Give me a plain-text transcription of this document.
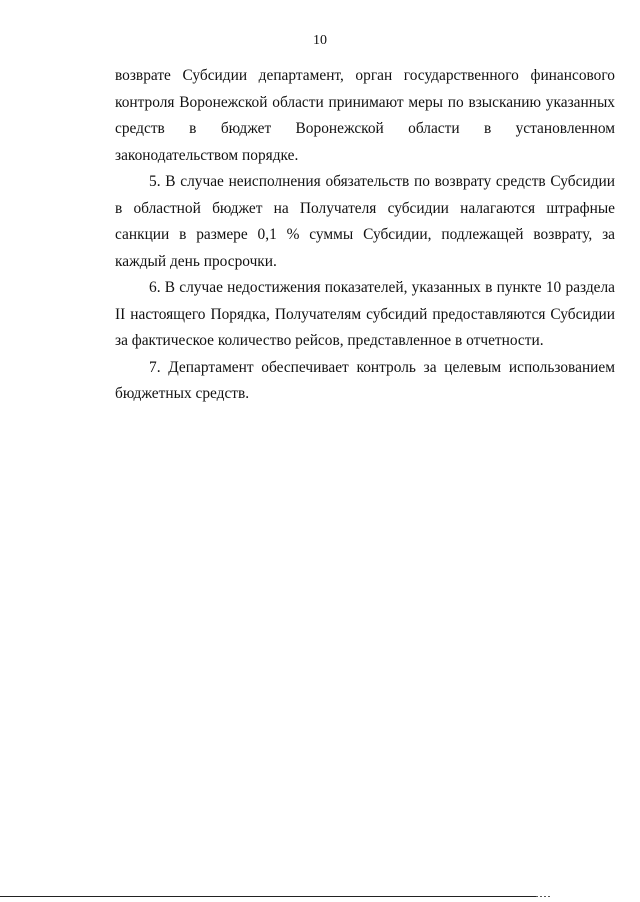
10

возврате Субсидии департамент, орган государственного финансового контроля Воронежской области принимают меры по взысканию указанных средств в бюджет Воронежской области в установленном законодательством порядке.

5. В случае неисполнения обязательств по возврату средств Субсидии в областной бюджет на Получателя субсидии налагаются штрафные санкции в размере 0,1 % суммы Субсидии, подлежащей возврату, за каждый день просрочки.

6. В случае недостижения показателей, указанных в пункте 10 раздела II настоящего Порядка, Получателям субсидий предоставляются Субсидии за фактическое количество рейсов, представленное в отчетности.

7. Департамент обеспечивает контроль за целевым использованием бюджетных средств.
